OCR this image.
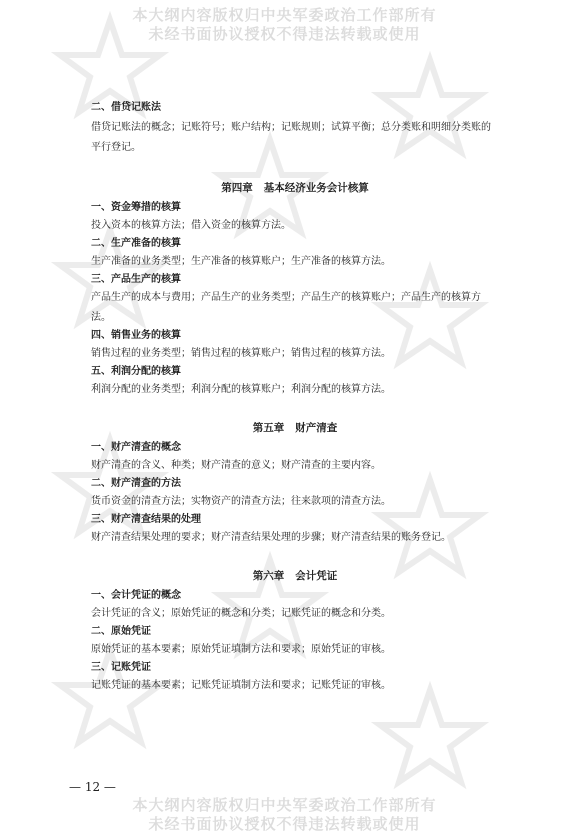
本大纲内容版权归中央军委政治工作部所有
未经书面协议授权不得违法转载或使用

二、借贷记账法

借贷记账法的概念；记账符号；账户结构；记账规则；试算平衡；总分类账和明细分类账的平行登记。

第四章   基本经济业务会计核算

一、资金筹措的核算

投入资本的核算方法；借入资金的核算方法。

二、生产准备的核算

生产准备的业务类型；生产准备的核算账户；生产准备的核算方法。

三、产品生产的核算

产品生产的成本与费用；产品生产的业务类型；产品生产的核算账户；产品生产的核算方法。

四、销售业务的核算

销售过程的业务类型；销售过程的核算账户；销售过程的核算方法。

五、利润分配的核算

利润分配的业务类型；利润分配的核算账户；利润分配的核算方法。

第五章   财产清查

一、财产清查的概念

财产清查的含义、种类；财产清查的意义；财产清查的主要内容。

二、财产清查的方法

货币资金的清查方法；实物资产的清查方法；往来款项的清查方法。

三、财产清查结果的处理

财产清查结果处理的要求；财产清查结果处理的步骤；财产清查结果的账务登记。

第六章   会计凭证

一、会计凭证的概念

会计凭证的含义；原始凭证的概念和分类；记账凭证的概念和分类。

二、原始凭证

原始凭证的基本要素；原始凭证填制方法和要求；原始凭证的审核。

三、记账凭证

记账凭证的基本要素；记账凭证填制方法和要求；记账凭证的审核。

— 12 —
本大纲内容版权归中央军委政治工作部所有
未经书面协议授权不得违法转载或使用
